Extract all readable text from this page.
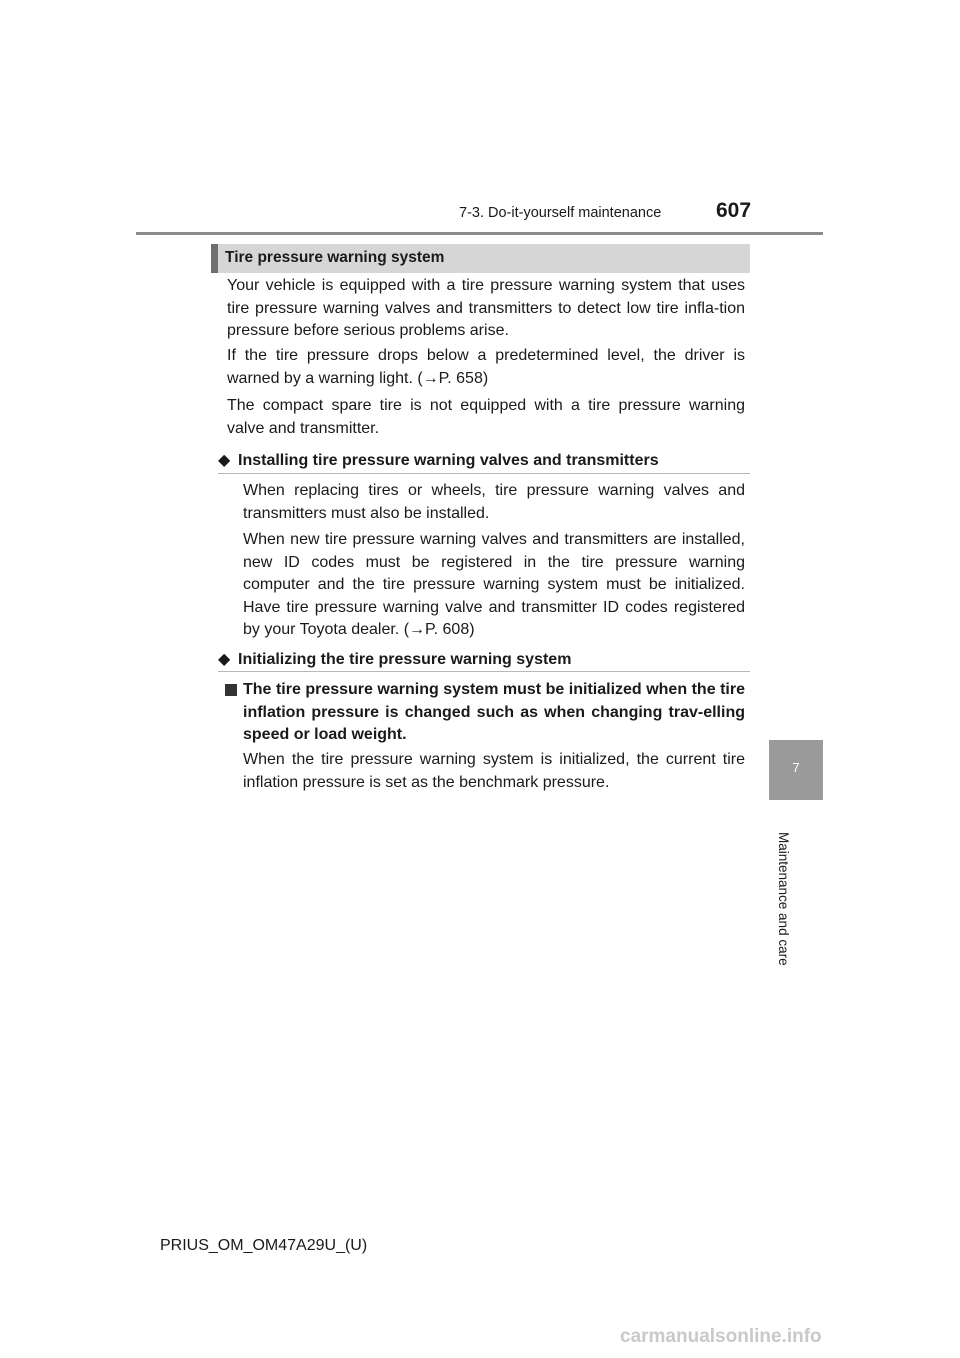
7-3. Do-it-yourself maintenance	607
7
Maintenance and care
Tire pressure warning system
Your vehicle is equipped with a tire pressure warning system that uses tire pressure warning valves and transmitters to detect low tire infla-tion pressure before serious problems arise.
If the tire pressure drops below a predetermined level, the driver is warned by a warning light. (→P. 658)
The compact spare tire is not equipped with a tire pressure warning valve and transmitter.
◆ Installing tire pressure warning valves and transmitters
When replacing tires or wheels, tire pressure warning valves and transmitters must also be installed.
When new tire pressure warning valves and transmitters are installed, new ID codes must be registered in the tire pressure warning computer and the tire pressure warning system must be initialized. Have tire pressure warning valve and transmitter ID codes registered by your Toyota dealer. (→P. 608)
◆ Initializing the tire pressure warning system
The tire pressure warning system must be initialized when the tire inflation pressure is changed such as when changing trav-elling speed or load weight.
When the tire pressure warning system is initialized, the current tire inflation pressure is set as the benchmark pressure.
PRIUS_OM_OM47A29U_(U)
carmanualsonline.info
